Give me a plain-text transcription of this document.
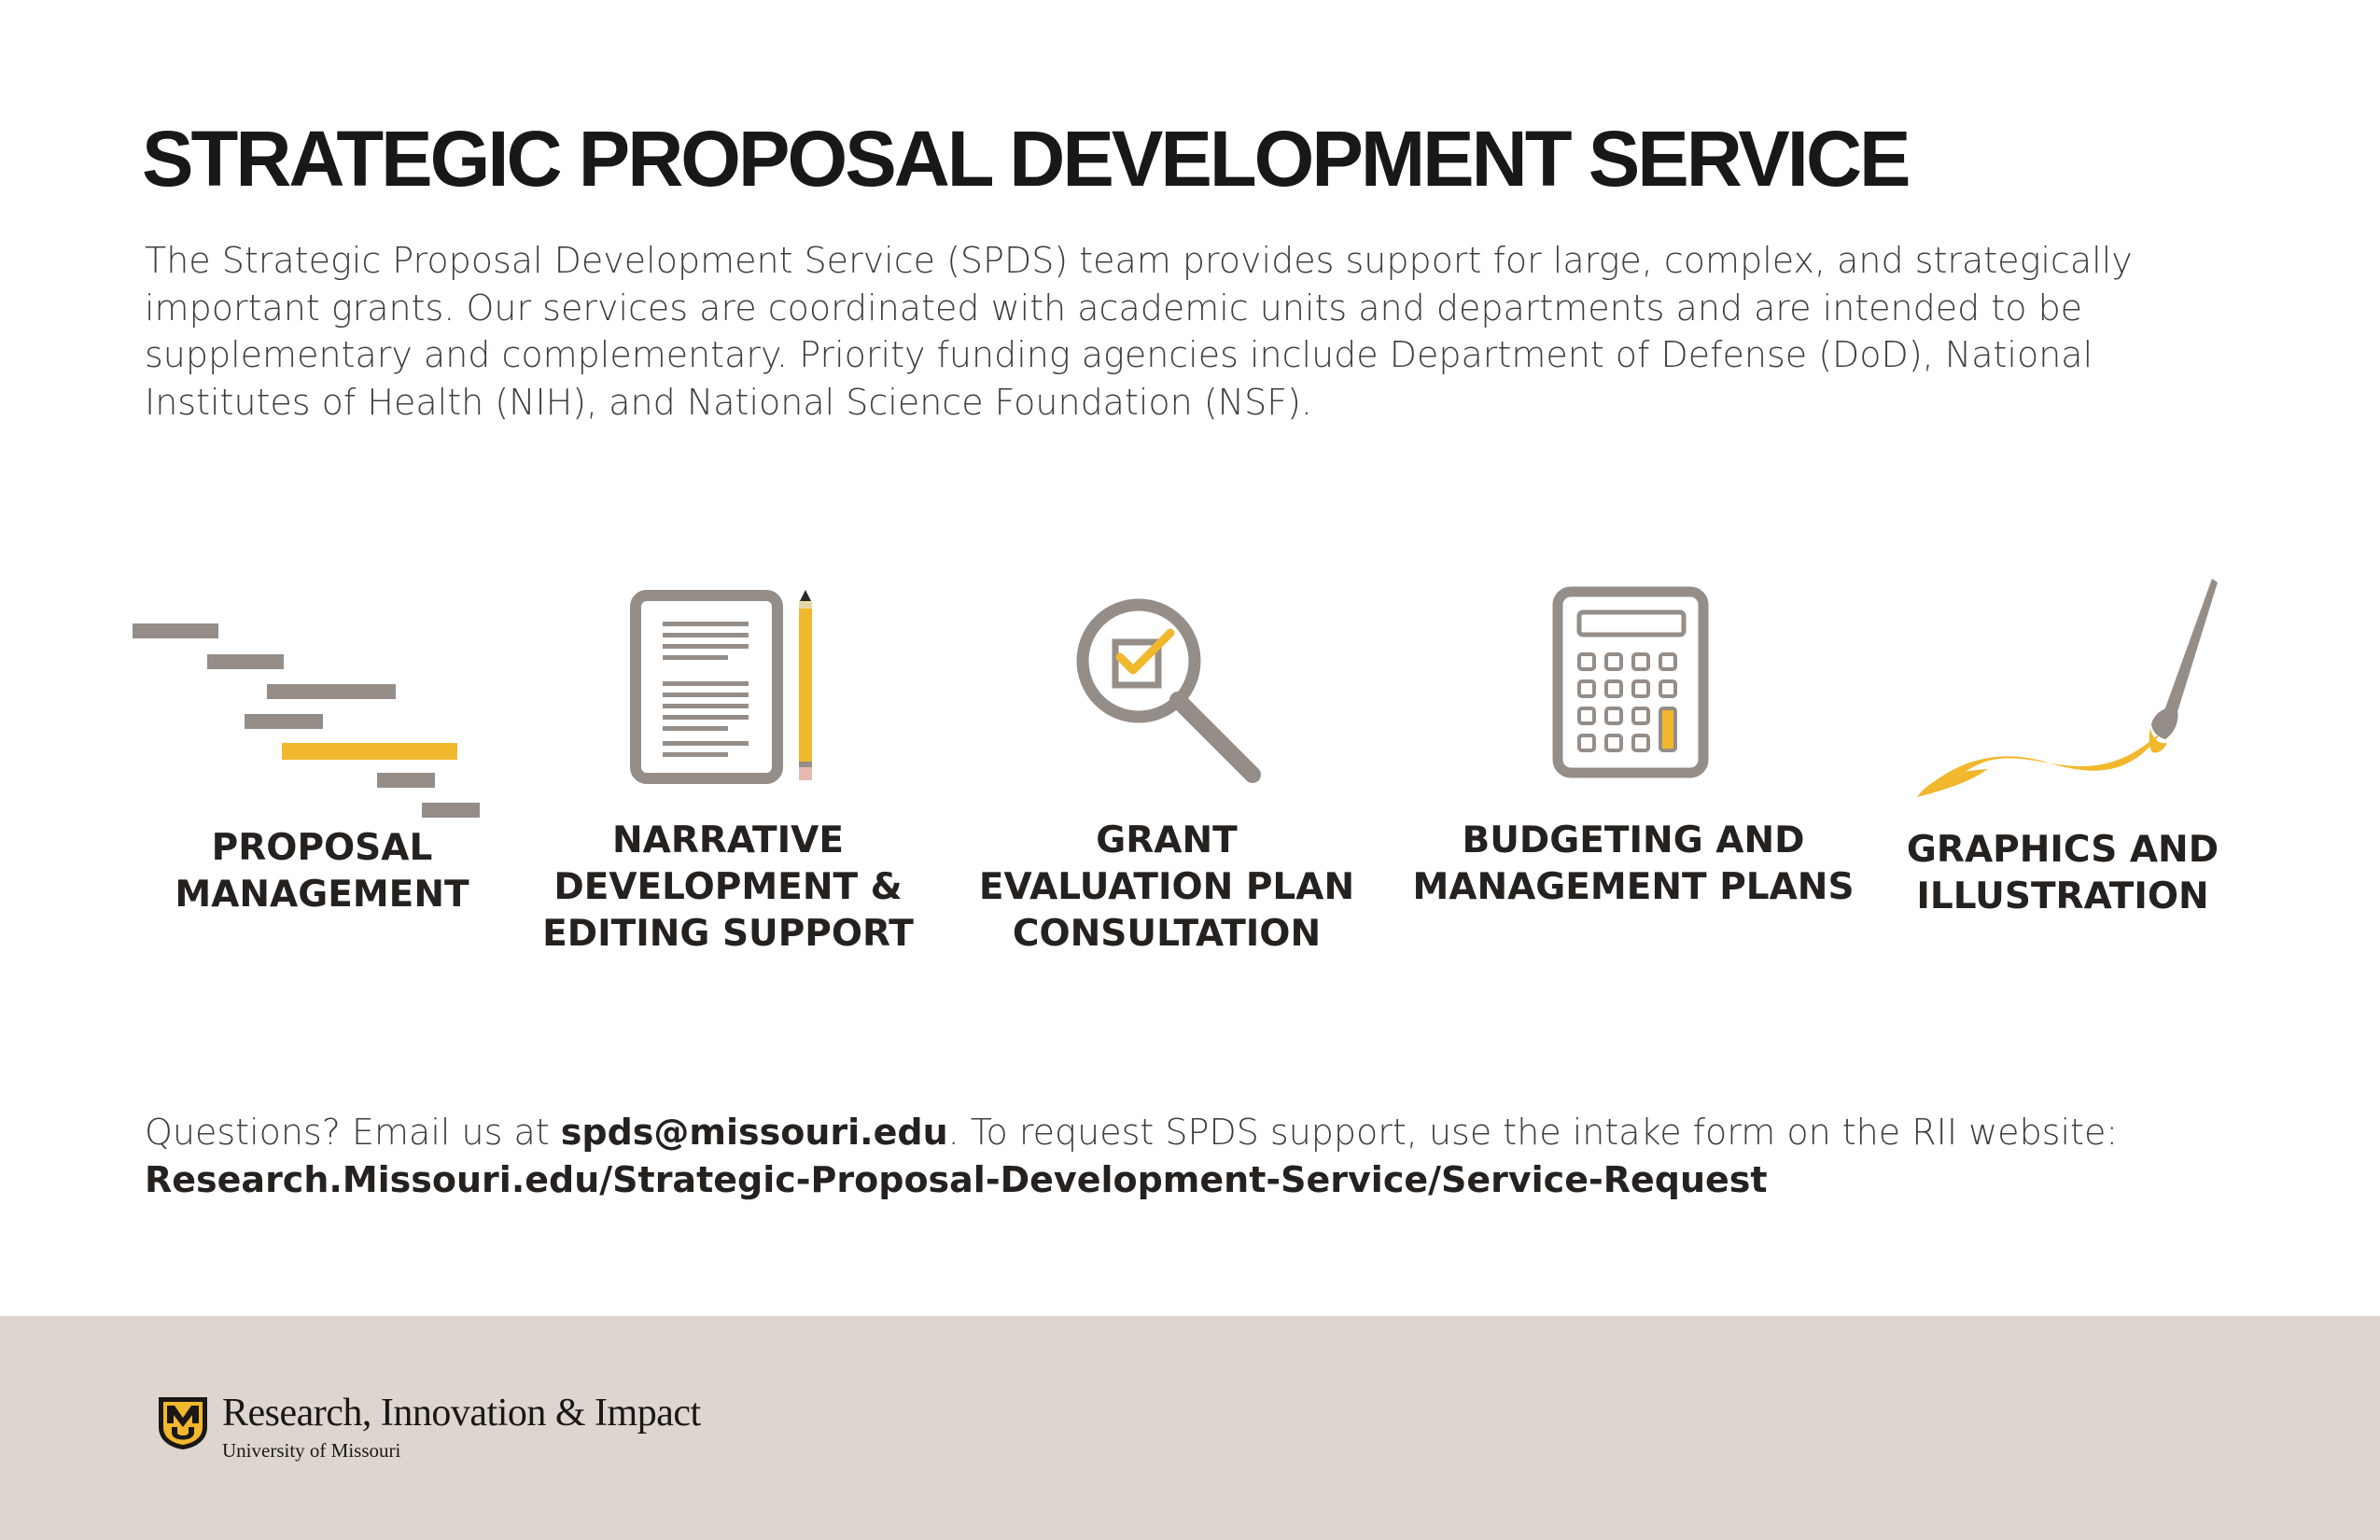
STRATEGIC PROPOSAL DEVELOPMENT SERVICE
The Strategic Proposal Development Service (SPDS) team provides support for large, complex, and strategically important grants. Our services are coordinated with academic units and departments and are intended to be supplementary and complementary. Priority funding agencies include Department of Defense (DoD), National Institutes of Health (NIH), and National Science Foundation (NSF).
PROPOSAL
MANAGEMENT
NARRATIVE
DEVELOPMENT &
EDITING SUPPORT
GRANT
EVALUATION PLAN
CONSULTATION
BUDGETING AND
MANAGEMENT PLANS
GRAPHICS AND
ILLUSTRATION
Questions? Email us at spds@missouri.edu. To request SPDS support, use the intake form on the RII website:
Research.Missouri.edu/Strategic-Proposal-Development-Service/Service-Request
Research, Innovation & Impact
University of Missouri
